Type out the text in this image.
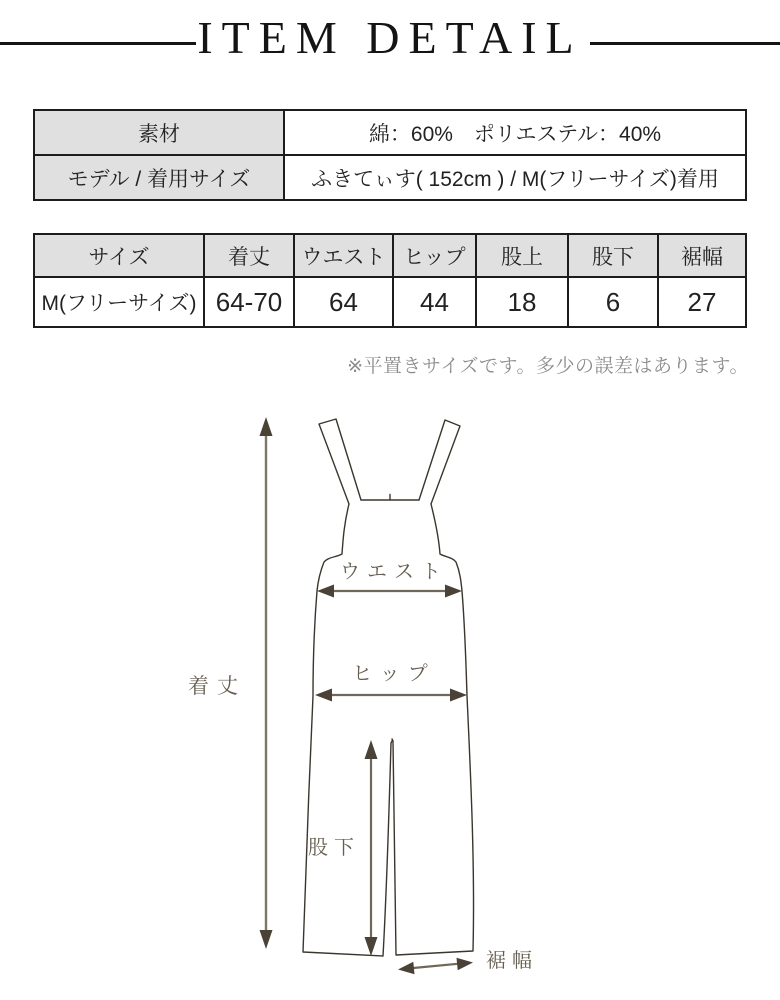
ITEM DETAIL
素材	綿：60%　ポリエステル：40%
モデル / 着用サイズ	ふきてぃす( 152cm ) / M(フリーサイズ)着用
サイズ	着丈	ウエスト	ヒップ	股上	股下	裾幅
M(フリーサイズ)	64-70	64	44	18	6	27
※平置きサイズです。多少の誤差はあります。
着丈
ウエスト
ヒップ
股下
裾幅
